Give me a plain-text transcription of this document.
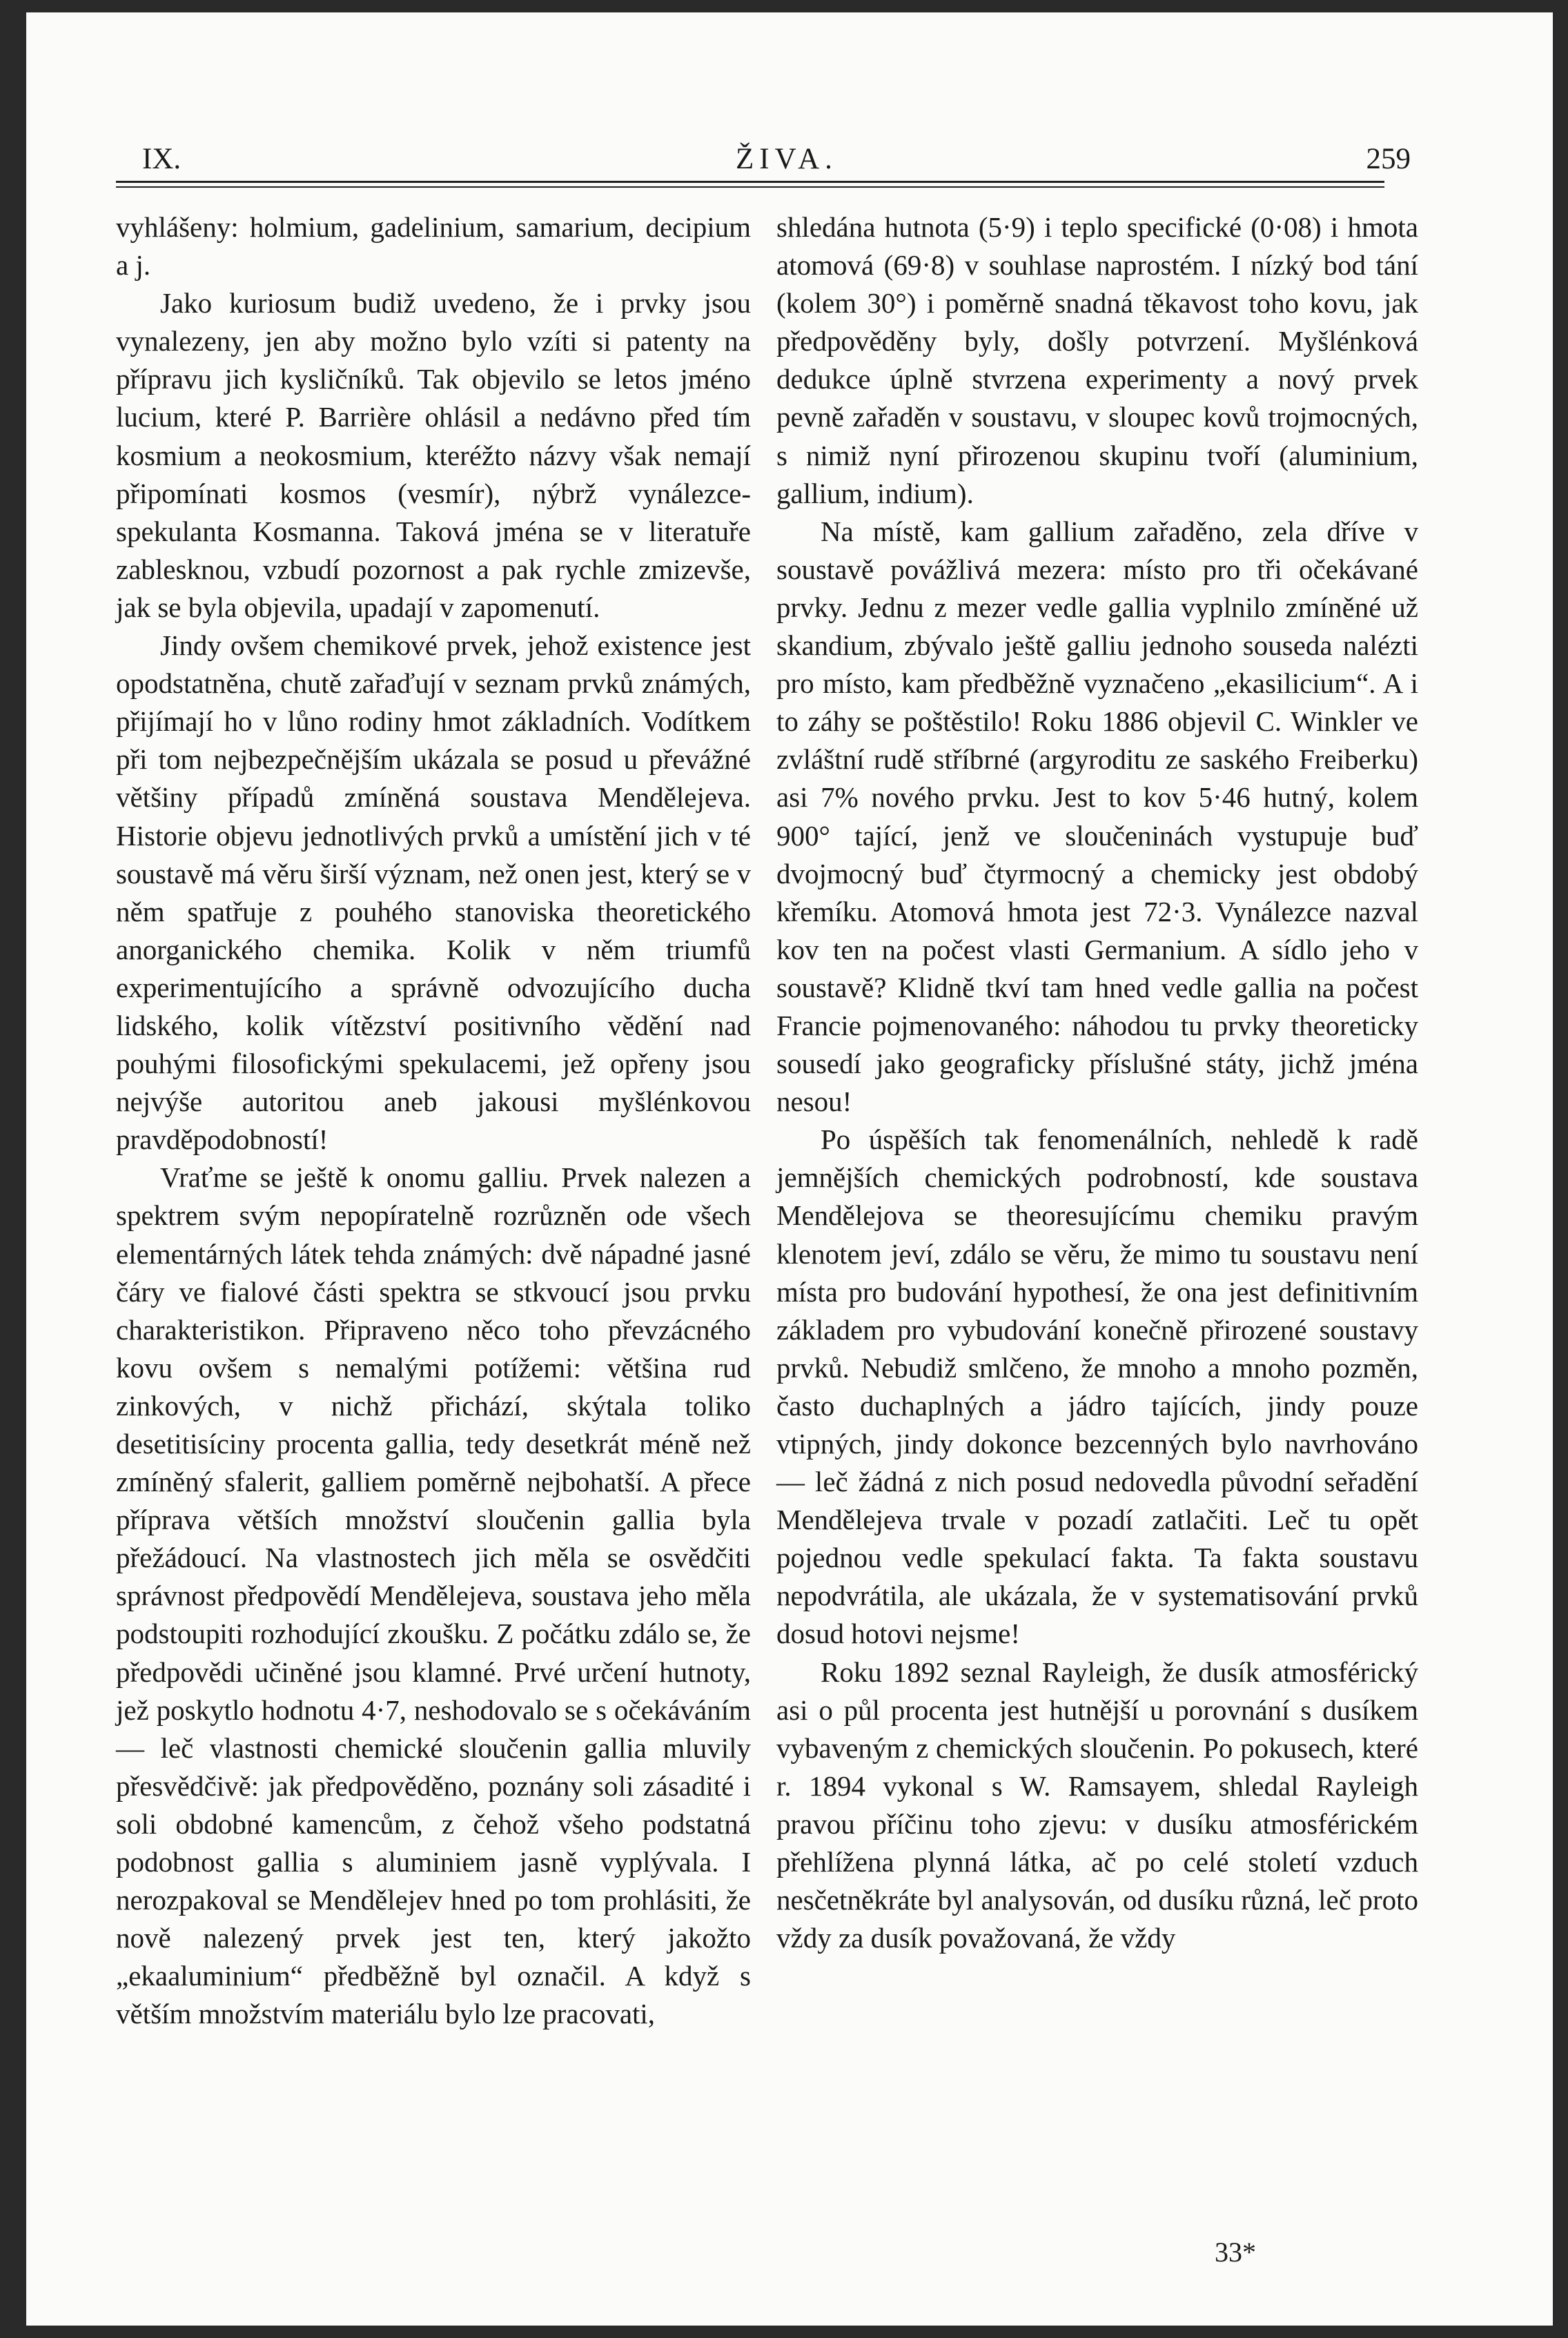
IX.	ŽIVA.	259

vyhlášeny: holmium, gadelinium, samarium, decipium a j.

Jako kuriosum budiž uvedeno, že i prvky jsou vynalezeny, jen aby možno bylo vzíti si patenty na přípravu jich kysličníků. Tak objevilo se letos jméno lucium, které P. Barrière ohlásil a nedávno před tím kosmium a neokosmium, kteréžto názvy však nemají připomínati kosmos (vesmír), nýbrž vynálezce-spekulanta Kosmanna. Taková jména se v literatuře zablesknou, vzbudí pozornost a pak rychle zmizevše, jak se byla objevila, upadají v zapomenutí.

Jindy ovšem chemikové prvek, jehož existence jest opodstatněna, chutě zařaďují v seznam prvků známých, přijímají ho v lůno rodiny hmot základních. Vodítkem při tom nejbezpečnějším ukázala se posud u převážné většiny případů zmíněná soustava Mendělejeva. Historie objevu jednotlivých prvků a umístění jich v té soustavě má věru širší význam, než onen jest, který se v něm spatřuje z pouhého stanoviska theoretického anorganického chemika. Kolik v něm triumfů experimentujícího a správně odvozujícího ducha lidského, kolik vítězství positivního vědění nad pouhými filosofickými spekulacemi, jež opřeny jsou nejvýše autoritou aneb jakousi myšlénkovou pravděpodobností!

Vraťme se ještě k onomu galliu. Prvek nalezen a spektrem svým nepopíratelně rozrůzněn ode všech elementárných látek tehda známých: dvě nápadné jasné čáry ve fialové části spektra se stkvoucí jsou prvku charakteristikon. Připraveno něco toho převzácného kovu ovšem s nemalými potížemi: většina rud zinkových, v nichž přichází, skýtala toliko desetitisíciny procenta gallia, tedy desetkrát méně než zmíněný sfalerit, galliem poměrně nejbohatší. A přece příprava větších množství sloučenin gallia byla přežádoucí. Na vlastnostech jich měla se osvědčiti správnost předpovědí Mendělejeva, soustava jeho měla podstoupiti rozhodující zkoušku. Z počátku zdálo se, že předpovědi učiněné jsou klamné. Prvé určení hutnoty, jež poskytlo hodnotu 4·7, neshodovalo se s očekáváním — leč vlastnosti chemické sloučenin gallia mluvily přesvědčivě: jak předpověděno, poznány soli zásadité i soli obdobné kamencům, z čehož všeho podstatná podobnost gallia s aluminiem jasně vyplývala. I nerozpakoval se Mendělejev hned po tom prohlásiti, že nově nalezený prvek jest ten, který jakožto „ekaaluminium“ předběžně byl označil. A když s větším množstvím materiálu bylo lze pracovati,

shledána hutnota (5·9) i teplo specifické (0·08) i hmota atomová (69·8) v souhlase naprostém. I nízký bod tání (kolem 30°) i poměrně snadná těkavost toho kovu, jak předpověděny byly, došly potvrzení. Myšlénková dedukce úplně stvrzena experimenty a nový prvek pevně zařaděn v soustavu, v sloupec kovů trojmocných, s nimiž nyní přirozenou skupinu tvoří (aluminium, gallium, indium).

Na místě, kam gallium zařaděno, zela dříve v soustavě povážlivá mezera: místo pro tři očekávané prvky. Jednu z mezer vedle gallia vyplnilo zmíněné už skandium, zbývalo ještě galliu jednoho souseda nalézti pro místo, kam předběžně vyznačeno „ekasilicium“. A i to záhy se poštěstilo! Roku 1886 objevil C. Winkler ve zvláštní rudě stříbrné (argyroditu ze saského Freiberku) asi 7% nového prvku. Jest to kov 5·46 hutný, kolem 900° tající, jenž ve sloučeninách vystupuje buď dvojmocný buď čtyrmocný a chemicky jest obdobý křemíku. Atomová hmota jest 72·3. Vynálezce nazval kov ten na počest vlasti Germanium. A sídlo jeho v soustavě? Klidně tkví tam hned vedle gallia na počest Francie pojmenovaného: náhodou tu prvky theoreticky sousedí jako geograficky příslušné státy, jichž jména nesou!

Po úspěších tak fenomenálních, nehledě k radě jemnějších chemických podrobností, kde soustava Mendělejova se theoresujícímu chemiku pravým klenotem jeví, zdálo se věru, že mimo tu soustavu není místa pro budování hypothesí, že ona jest definitivním základem pro vybudování konečně přirozené soustavy prvků. Nebudiž smlčeno, že mnoho a mnoho pozměn, často duchaplných a jádro tajících, jindy pouze vtipných, jindy dokonce bezcenných bylo navrhováno — leč žádná z nich posud nedovedla původní seřadění Mendělejeva trvale v pozadí zatlačiti. Leč tu opět pojednou vedle spekulací fakta. Ta fakta soustavu nepodvrátila, ale ukázala, že v systematisování prvků dosud hotovi nejsme!

Roku 1892 seznal Rayleigh, že dusík atmosférický asi o půl procenta jest hutnější u porovnání s dusíkem vybaveným z chemických sloučenin. Po pokusech, které r. 1894 vykonal s W. Ramsayem, shledal Rayleigh pravou příčinu toho zjevu: v dusíku atmosférickém přehlížena plynná látka, ač po celé století vzduch nesčetněkráte byl analysován, od dusíku různá, leč proto vždy za dusík považovaná, že vždy

33*
